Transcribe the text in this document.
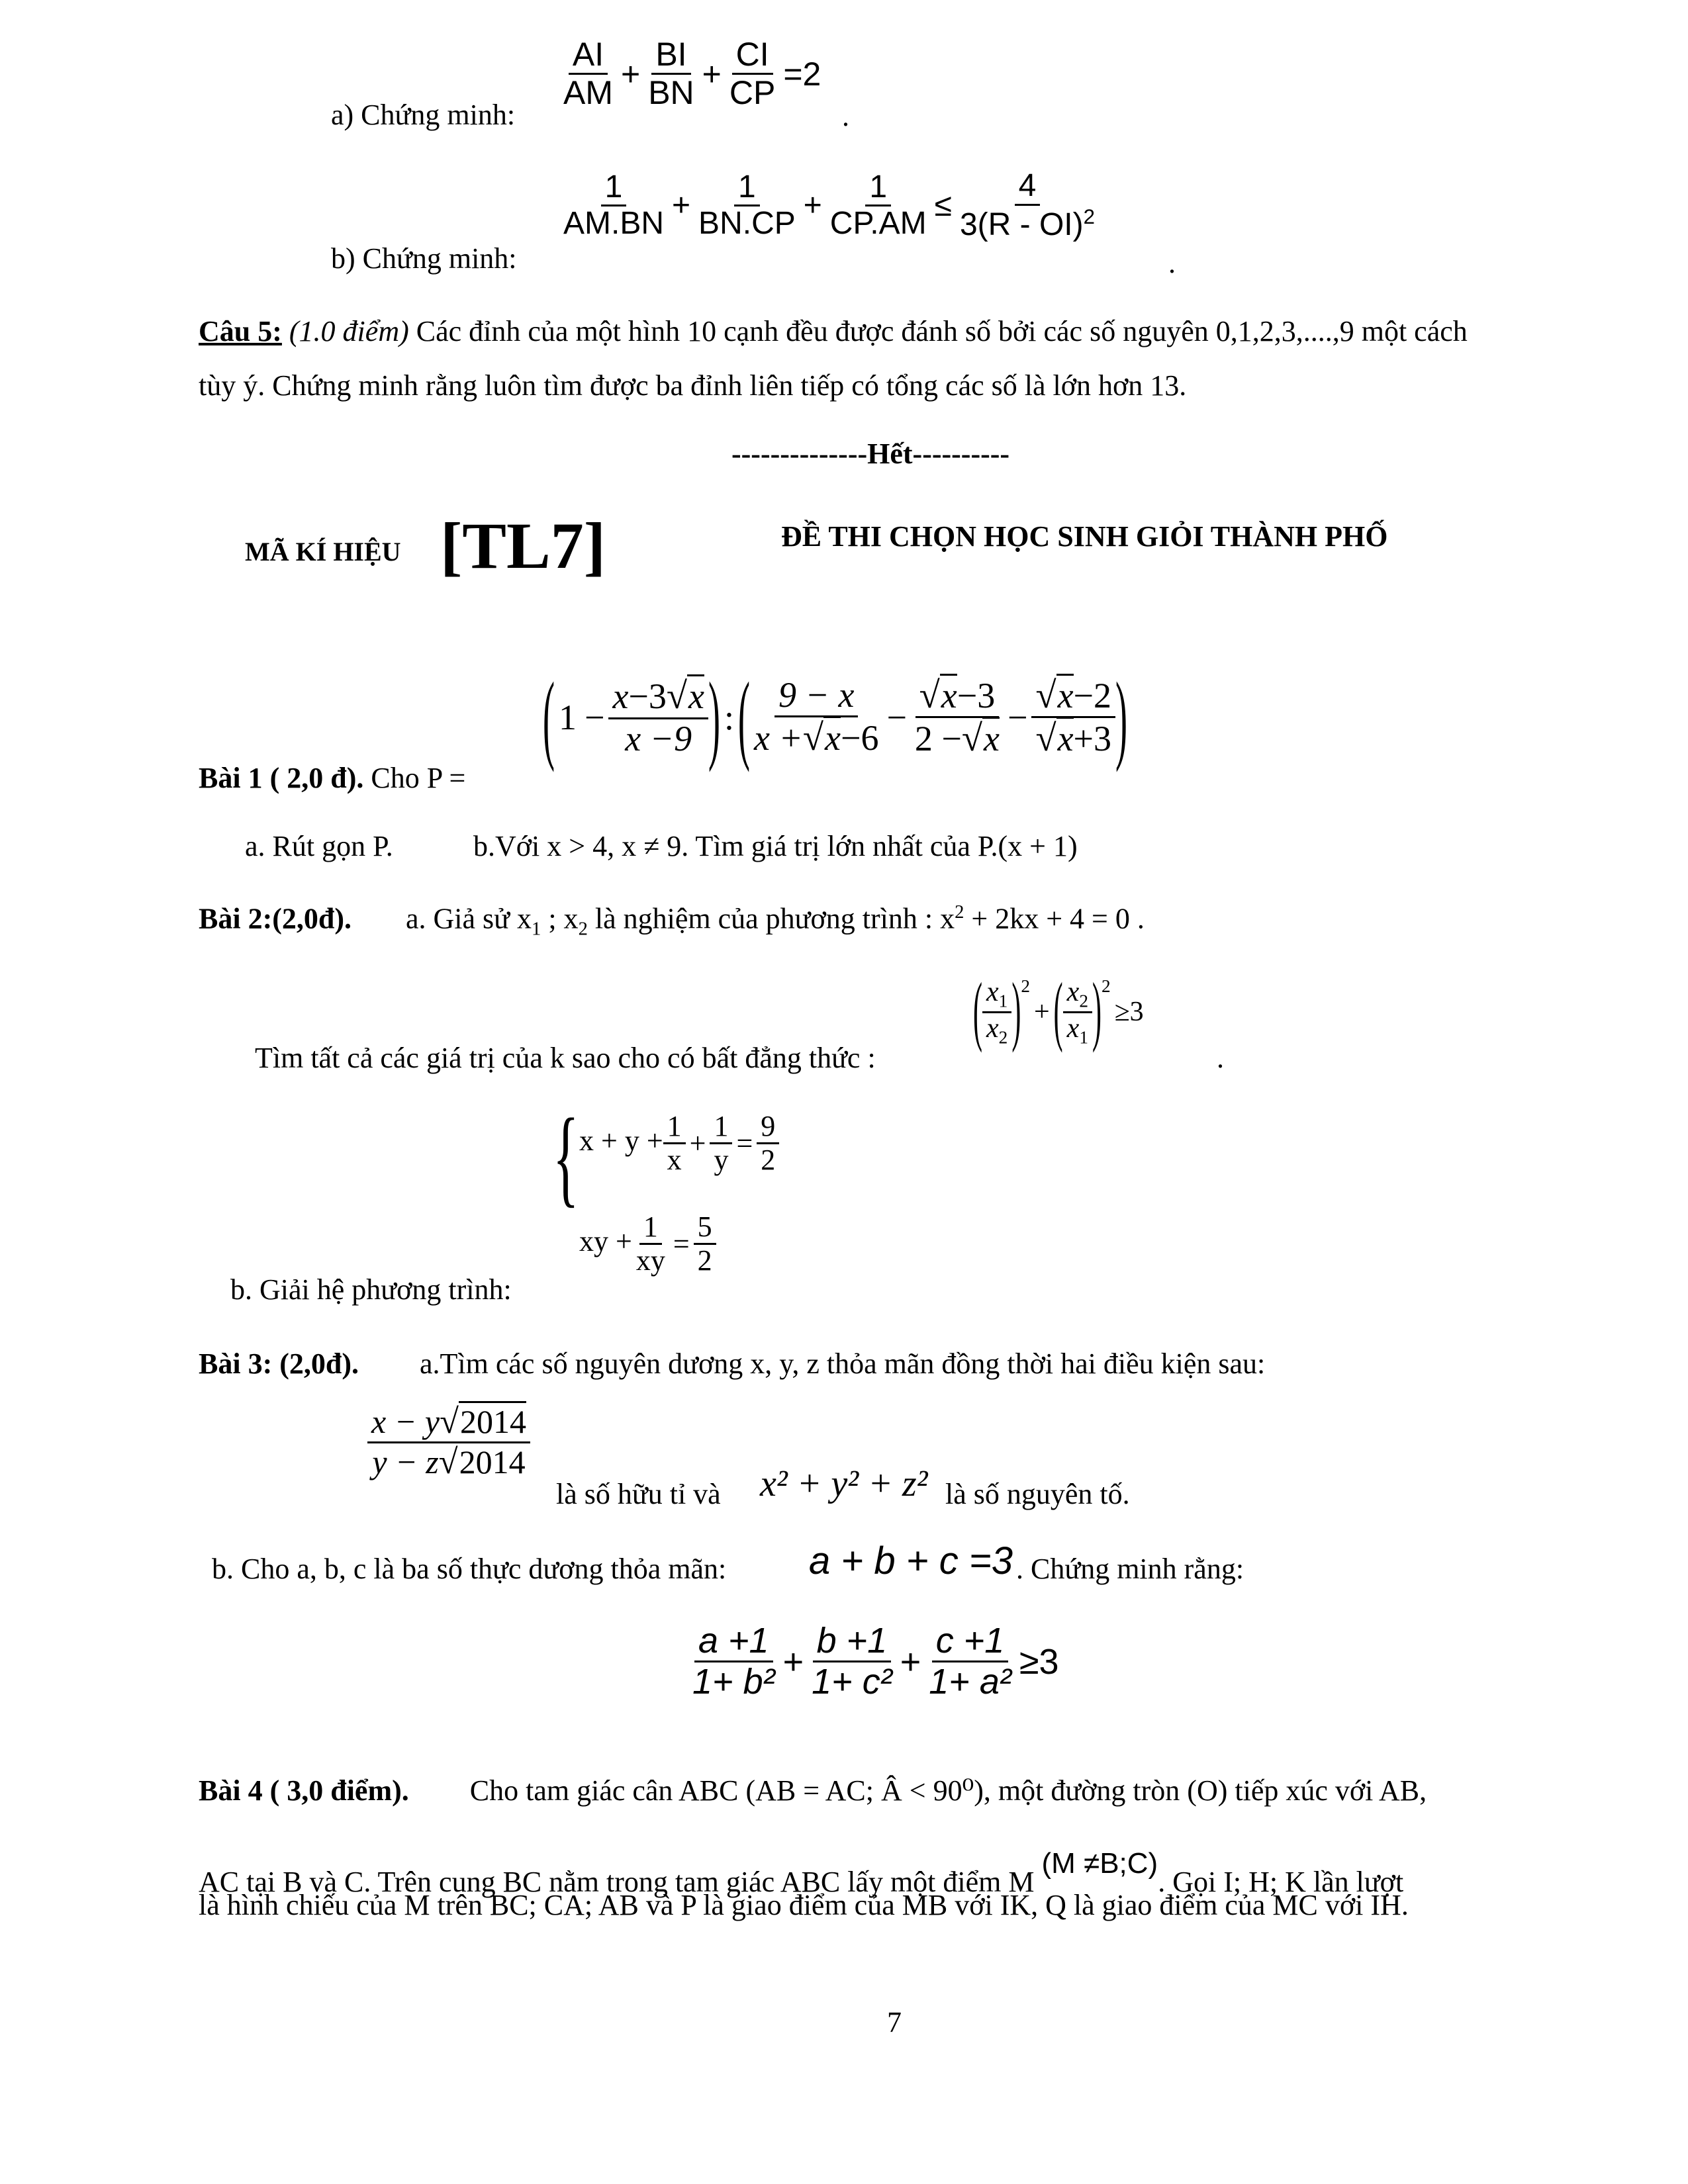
a) Chứng minh:
$\frac{AI}{AM} + \frac{BI}{BN} + \frac{CI}{CP} =2$
.
b) Chứng minh:
$\frac{1}{AM.BN} + \frac{1}{BN.CP} + \frac{1}{CP.AM} \le \frac{4}{3(R - OI)^2}$
.
Câu 5: (1.0 điểm) Các đỉnh của một hình 10 cạnh đều được đánh số bởi các số nguyên 0,1,2,3,....,9 một cách
tùy ý. Chứng minh rằng luôn tìm được ba đỉnh liên tiếp có tổng các số là lớn hơn 13.
--------------Hết----------
MÃ KÍ HIỆU [TL7]	ĐỀ THI CHỌN HỌC SINH GIỎI THÀNH PHỐ
Bài 1 ( 2,0 đ). Cho P =
( $1 - \frac{x-3√x}{x -9}$ ) : ( $\frac{9 - x}{x +√x-6} - \frac{√x-3}{2 -√x} - \frac{√x-2}{√x+3}$ )
a. Rút gọn P.	b.Với x > 4, x ≠ 9. Tìm giá trị lớn nhất của P.(x + 1)
Bài 2:(2,0đ). a. Giả sử $x_1$ ; $x_2$ là nghiệm của phương trình : $x^2 + 2kx + 4 = 0$ .
Tìm tất cả các giá trị của k sao cho có bất đẳng thức :
( $\frac{x_1}{x_2} )^2+$ ( $\frac{x_2}{x_1} )^2\ge 3$
.
{ $x + y + \frac{1}{x} + \frac{1}{y} = \frac{9}{2}$
xy + $\frac{1}{xy} = \frac{5}{2}$
b. Giải hệ phương trình:
Bài 3: (2,0đ). a.Tìm các số nguyên dương x, y, z thỏa mãn đồng thời hai điều kiện sau:
$\frac{x - y√2014}{y - z√2014}$
là số hữu tỉ và x² + y² + z² là số nguyên tố.
b. Cho a, b, c là ba số thực dương thỏa mãn: a + b + c =3 . Chứng minh rằng:
$\frac{a +1}{\text{1+ b²}} + \frac{b +1}{\text{1+ c²}} + \frac{c +1}{\text{1+ a²}} \ge 3$
Bài 4 ( 3,0 điểm). Cho tam giác cân ABC (AB = AC; Â < 90⁰), một đường tròn (O) tiếp xúc với AB,
AC tại B và C. Trên cung BC nằm trong tam giác ABC lấy một điểm M (M ≠B;C). Gọi I; H; K lần lượt
là hình chiếu của M trên BC; CA; AB và P là giao điểm của MB với IK, Q là giao điểm của MC với IH.
7
